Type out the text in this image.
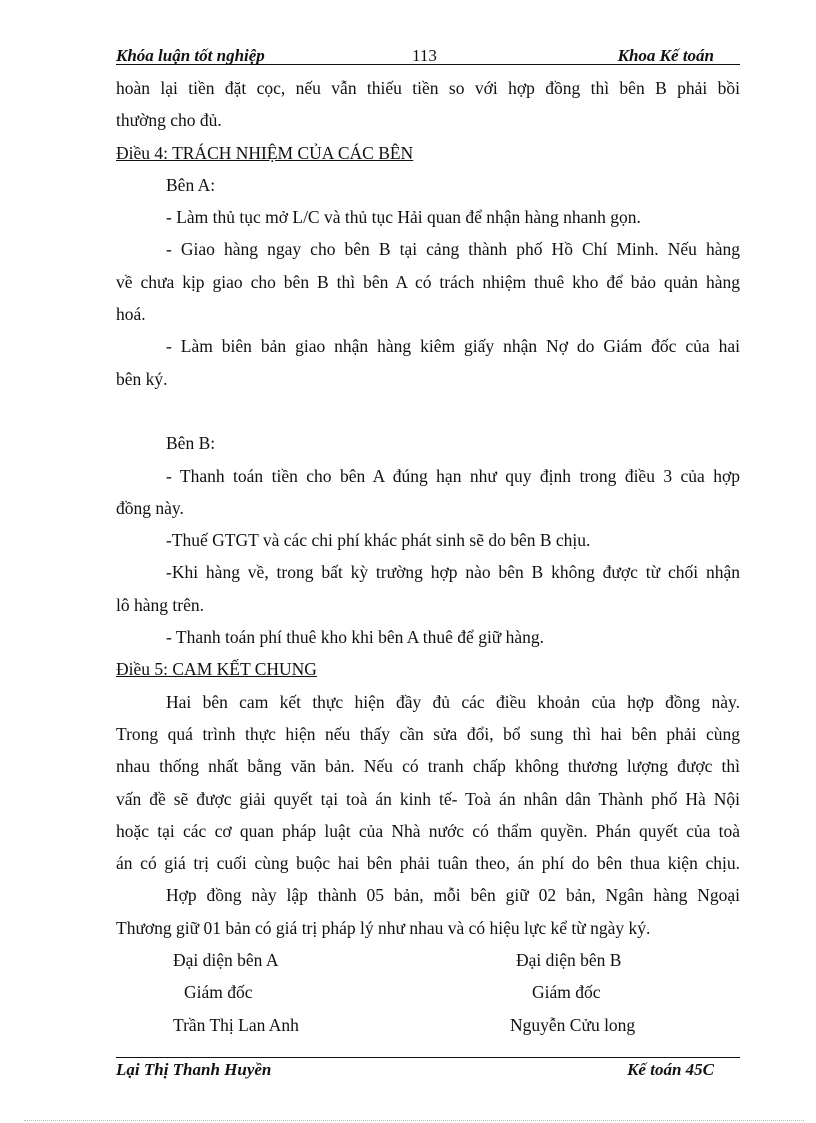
Khóa luận tốt nghiệp	113	Khoa Kế toán
hoàn lại tiền đặt cọc, nếu vẫn thiếu tiền so với hợp đồng thì bên B phải bồi
thường cho đủ.
Điều 4: TRÁCH NHIỆM CỦA CÁC BÊN
Bên A:
- Làm thủ tục mở L/C và thủ tục Hải quan để nhận hàng nhanh gọn.
- Giao hàng ngay cho bên B tại cảng thành phố Hồ Chí Minh. Nếu hàng
về chưa kịp giao cho bên B thì bên A có trách nhiệm thuê kho để bảo quản hàng
hoá.
- Làm biên bản giao nhận hàng kiêm giấy nhận Nợ do Giám đốc của hai
bên ký.
Bên B:
- Thanh toán tiền cho bên A đúng hạn như quy định trong điều 3 của hợp
đồng này.
-Thuế GTGT và các chi phí khác phát sinh sẽ do bên B chịu.
-Khi hàng về, trong bất kỳ trường hợp nào bên B không được từ chối nhận
lô hàng trên.
- Thanh toán phí thuê kho khi bên A thuê để giữ hàng.
Điều 5: CAM KẾT CHUNG
Hai bên cam kết thực hiện đầy đủ các điều khoản của hợp đồng này.
Trong quá trình thực hiện nếu thấy cần sửa đổi, bổ sung thì hai bên phải cùng
nhau thống nhất bằng văn bản. Nếu có tranh chấp không thương lượng được thì
vấn đề sẽ được giải quyết tại toà án kinh tế- Toà án nhân dân Thành phố Hà Nội
hoặc tại các cơ quan pháp luật của Nhà nước có thẩm quyền. Phán quyết của toà
án có giá trị cuối cùng buộc hai bên phải tuân theo, án phí do bên thua kiện chịu.
Hợp đồng này lập thành 05 bản, mỗi bên giữ 02 bản, Ngân hàng Ngoại
Thương giữ 01 bản có giá trị pháp lý như nhau và có hiệu lực kể từ ngày ký.
Đại diện bên A	Đại diện bên B
Giám đốc	Giám đốc
Trần Thị Lan Anh	Nguyễn Cửu long
Lại Thị Thanh Huyền	Kế toán 45C
